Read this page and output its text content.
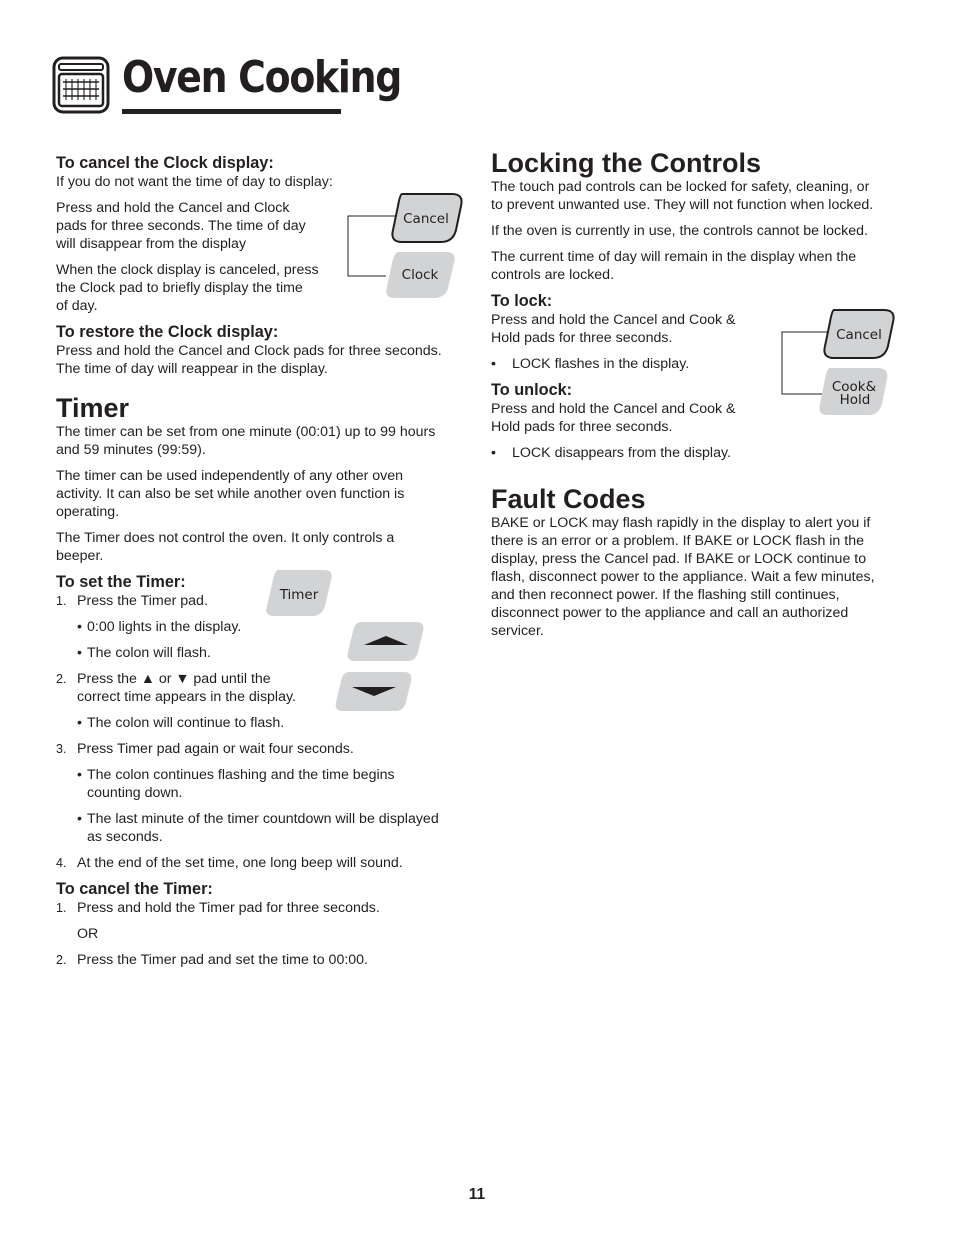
Oven Cooking
To cancel the Clock display:

If you do not want the time of day to display:

Press and hold the Cancel and Clock
pads for three seconds. The time of day
will disappear from the display

When the clock display is canceled, press
the Clock pad to briefly display the time
of day.

To restore the Clock display:

Press and hold the Cancel and Clock pads for three seconds.
The time of day will reappear in the display.

Timer

The timer can be set from one minute (00:01) up to 99 hours
and 59 minutes (99:59).

The timer can be used independently of any other oven
activity. It can also be set while another oven function is
operating.

The Timer does not control the oven. It only controls a
beeper.

To set the Timer:
1. Press the Timer pad.
• 0:00 lights in the display.
• The colon will flash.
2. Press the ▲ or ▼ pad until the
correct time appears in the display.
• The colon will continue to flash.
3. Press Timer pad again or wait four seconds.
• The colon continues flashing and the time begins
counting down.
• The last minute of the timer countdown will be displayed
as seconds.
4. At the end of the set time, one long beep will sound.
To cancel the Timer:
1. Press and hold the Timer pad for three seconds.
OR
2. Press the Timer pad and set the time to 00:00.
Cancel
Clock
Timer
Locking the Controls

The touch pad controls can be locked for safety, cleaning, or
to prevent unwanted use. They will not function when locked.

If the oven is currently in use, the controls cannot be locked.

The current time of day will remain in the display when the
controls are locked.

To lock:

Press and hold the Cancel and Cook &
Hold pads for three seconds.

• LOCK flashes in the display.
To unlock:

Press and hold the Cancel and Cook &
Hold pads for three seconds.

• LOCK disappears from the display.
Fault Codes

BAKE or LOCK may flash rapidly in the display to alert you if
there is an error or a problem. If BAKE or LOCK flash in the
display, press the Cancel pad. If BAKE or LOCK continue to
flash, disconnect power to the appliance. Wait a few minutes,
and then reconnect power. If the flashing still continues,
disconnect power to the appliance and call an authorized
servicer.

Cancel
Cook&
Hold
11
